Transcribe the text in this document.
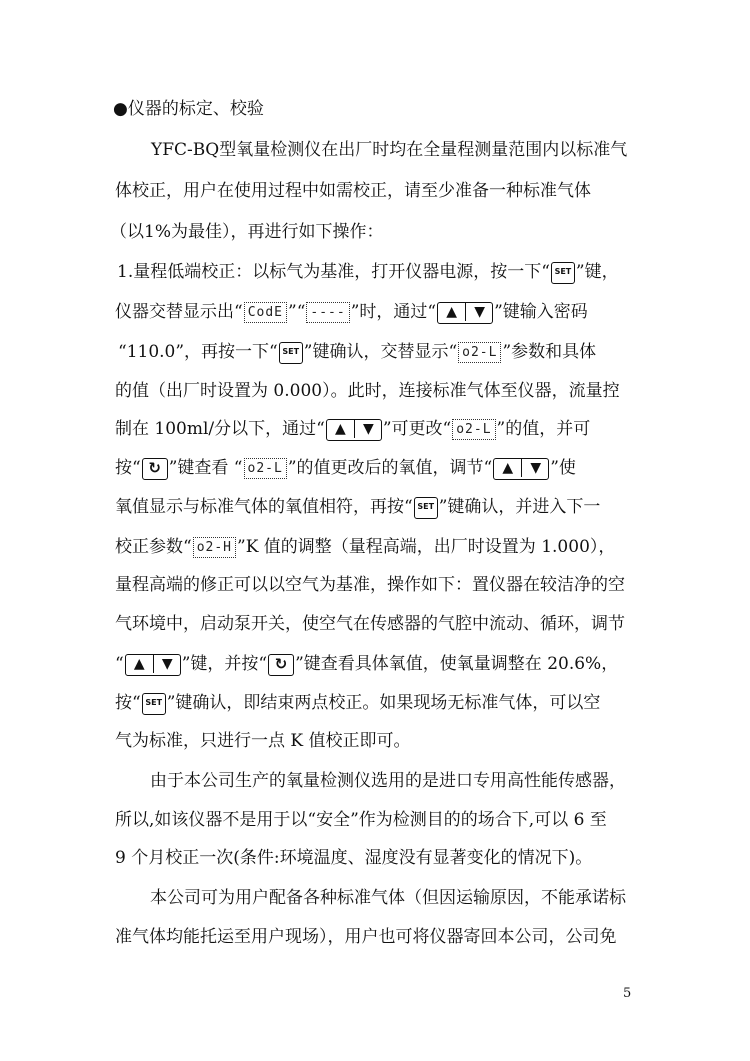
●仪器的标定、校验
YFC-BQ型氧量检测仪在出厂时均在全量程测量范围内以标准气
体校正，用户在使用过程中如需校正，请至少准备一种标准气体
（以1%为最佳），再进行如下操作：
1.量程低端校正：以标气为基准，打开仪器电源，按一下“ SET ”键，
仪器交替显示出“ CodE ”“ ---- ”时，通过“ ▲ ▼ ”键输入密码
“110.0”，再按一下“ SET ”键确认，交替显示“ o2-L ”参数和具体
的值（出厂时设置为 0.000）。此时，连接标准气体至仪器，流量控
制在 100ml/分以下，通过“ ▲ ▼ ”可更改“ o2-L ”的值，并可
按“ ↻ ”键查看 “ o2-L ”的值更改后的氧值，调节“ ▲ ▼ ”使
氧值显示与标准气体的氧值相符，再按“ SET ”键确认，并进入下一
校正参数“ o2-H ”K 值的调整（量程高端，出厂时设置为 1.000），
量程高端的修正可以以空气为基准，操作如下：置仪器在较洁净的空
气环境中，启动泵开关，使空气在传感器的气腔中流动、循环，调节
“ ▲ ▼ ”键，并按“ ↻ ”键查看具体氧值，使氧量调整在 20.6%，
按“ SET ”键确认，即结束两点校正。如果现场无标准气体，可以空
气为标准，只进行一点 K 值校正即可。
由于本公司生产的氧量检测仪选用的是进口专用高性能传感器，
所以,如该仪器不是用于以“安全”作为检测目的的场合下,可以 6 至
9 个月校正一次(条件:环境温度、湿度没有显著变化的情况下)。
本公司可为用户配备各种标准气体（但因运输原因，不能承诺标
准气体均能托运至用户现场），用户也可将仪器寄回本公司，公司免
5
